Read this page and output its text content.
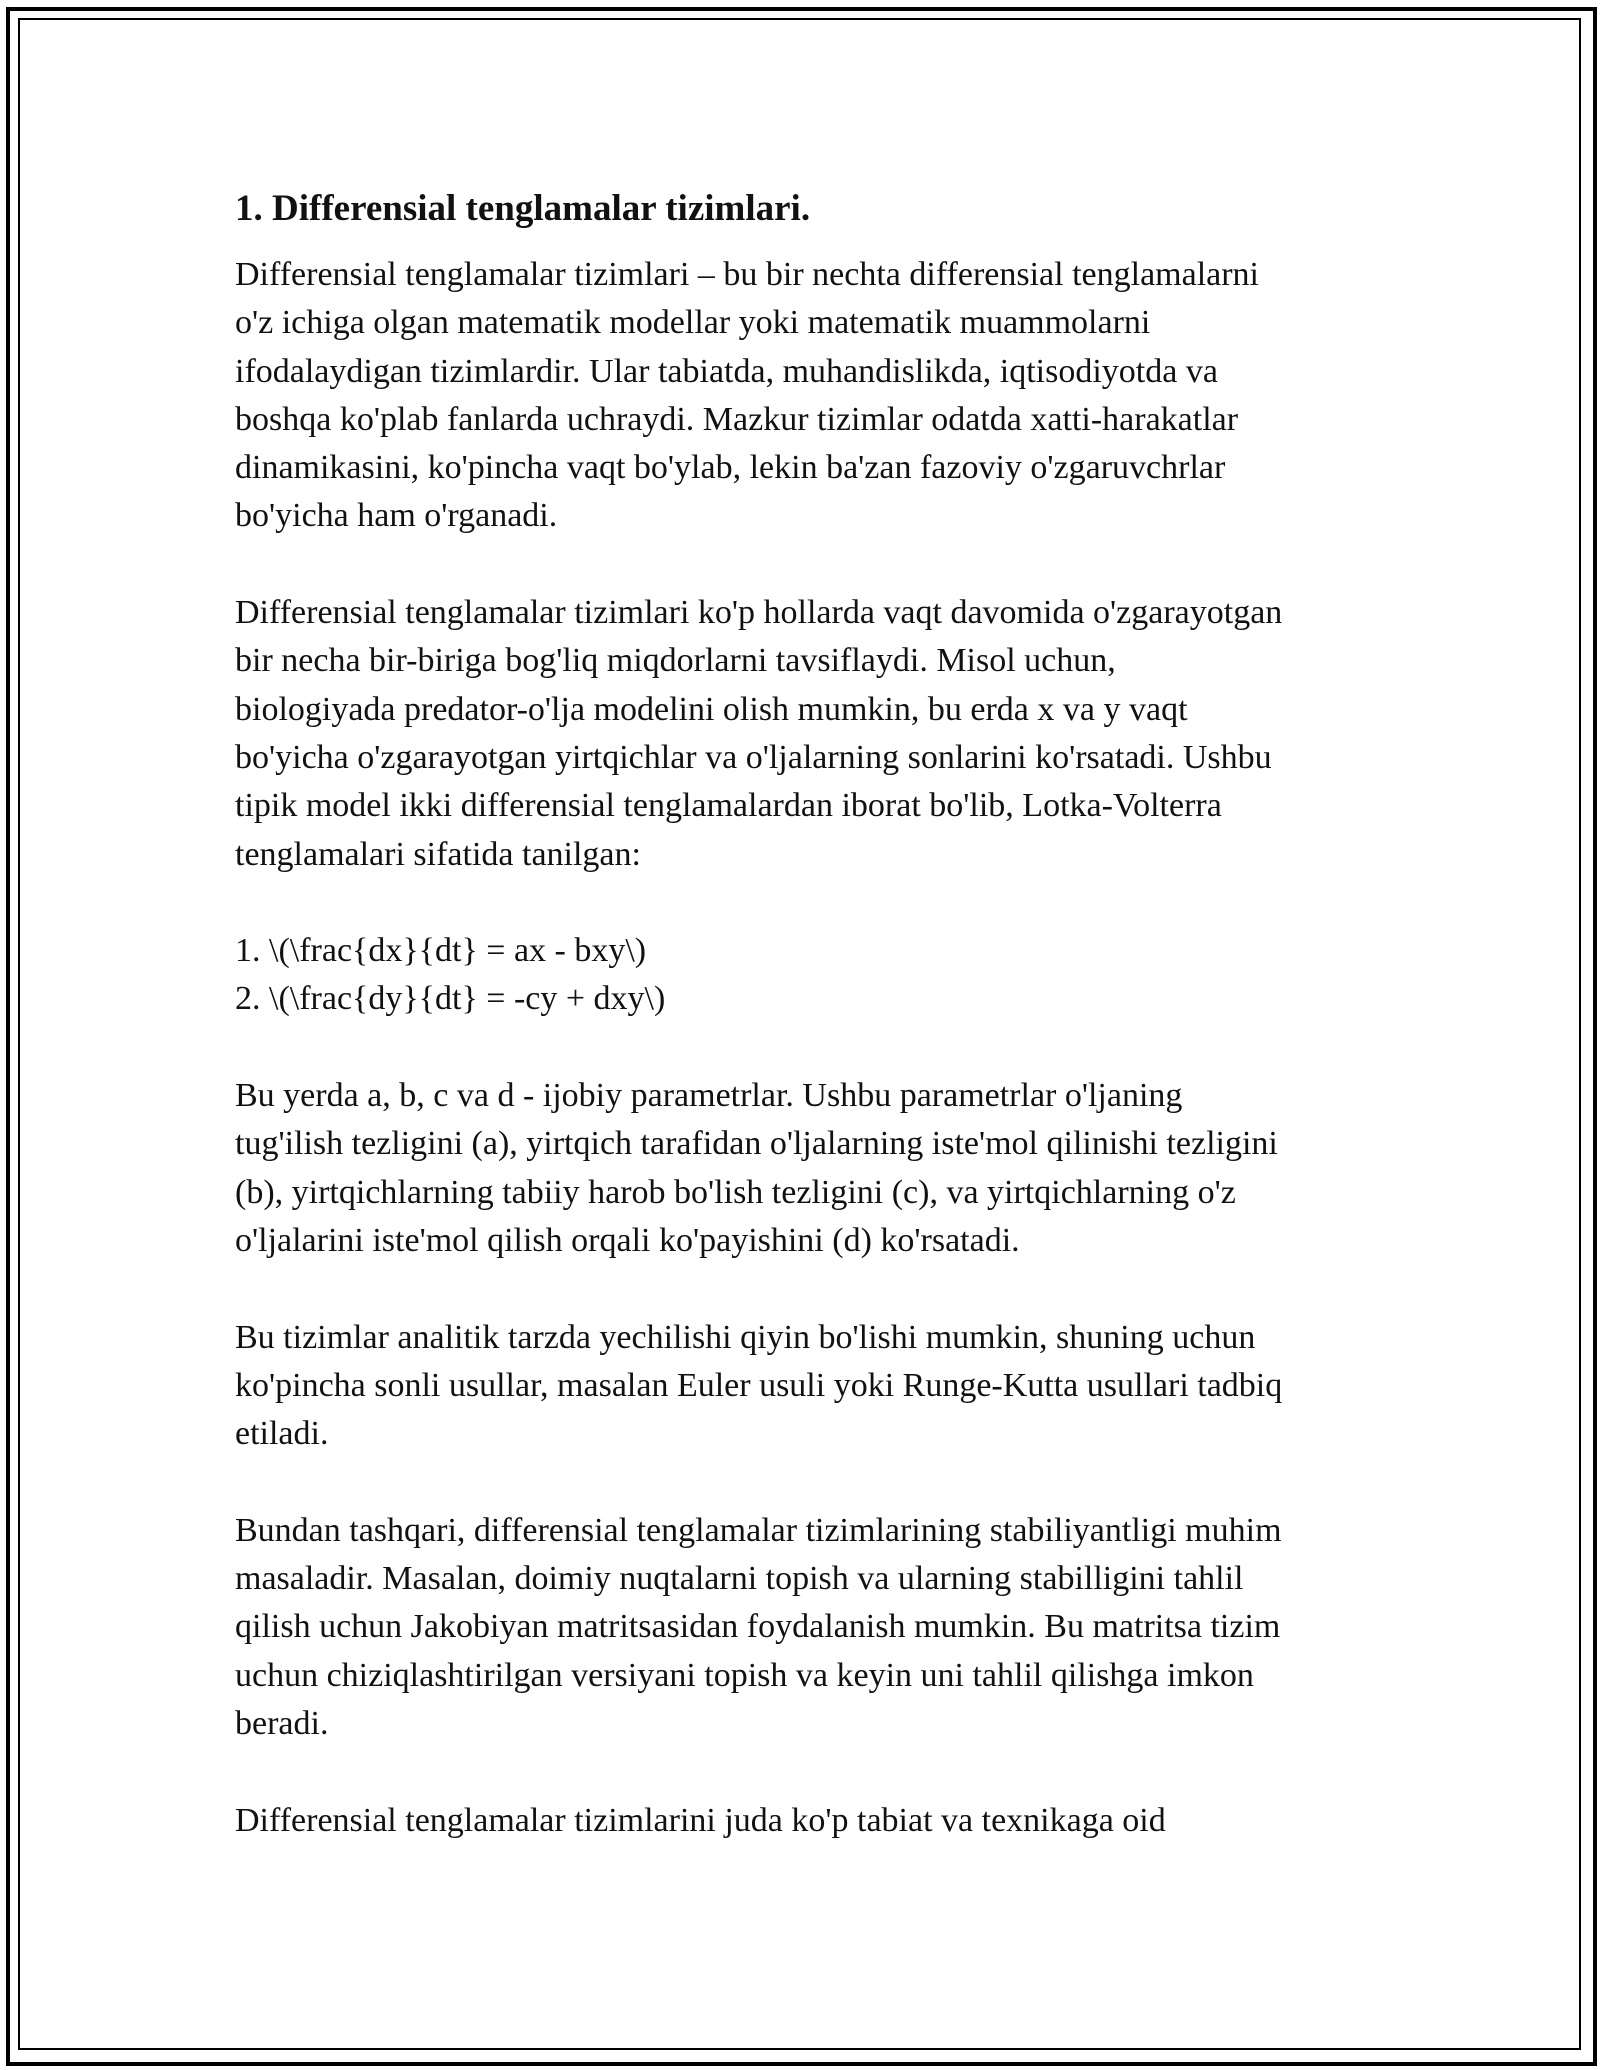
1. Differensial tenglamalar tizimlari.

Differensial tenglamalar tizimlari – bu bir nechta differensial tenglamalarni
o'z ichiga olgan matematik modellar yoki matematik muammolarni
ifodalaydigan tizimlardir. Ular tabiatda, muhandislikda, iqtisodiyotda va
boshqa ko'plab fanlarda uchraydi. Mazkur tizimlar odatda xatti-harakatlar
dinamikasini, ko'pincha vaqt bo'ylab, lekin ba'zan fazoviy o'zgaruvchrlar
bo'yicha ham o'rganadi.

Differensial tenglamalar tizimlari ko'p hollarda vaqt davomida o'zgarayotgan
bir necha bir-biriga bog'liq miqdorlarni tavsiflaydi. Misol uchun,
biologiyada predator-o'lja modelini olish mumkin, bu erda x va y vaqt
bo'yicha o'zgarayotgan yirtqichlar va o'ljalarning sonlarini ko'rsatadi. Ushbu
tipik model ikki differensial tenglamalardan iborat bo'lib, Lotka-Volterra
tenglamalari sifatida tanilgan:

1. \(\frac{dx}{dt} = ax - bxy\)
2. \(\frac{dy}{dt} = -cy + dxy\)

Bu yerda a, b, c va d - ijobiy parametrlar. Ushbu parametrlar o'ljaning
tug'ilish tezligini (a), yirtqich tarafidan o'ljalarning iste'mol qilinishi tezligini
(b), yirtqichlarning tabiiy harob bo'lish tezligini (c), va yirtqichlarning o'z
o'ljalarini iste'mol qilish orqali ko'payishini (d) ko'rsatadi.

Bu tizimlar analitik tarzda yechilishi qiyin bo'lishi mumkin, shuning uchun
ko'pincha sonli usullar, masalan Euler usuli yoki Runge-Kutta usullari tadbiq
etiladi.

Bundan tashqari, differensial tenglamalar tizimlarining stabiliyantligi muhim
masaladir. Masalan, doimiy nuqtalarni topish va ularning stabilligini tahlil
qilish uchun Jakobiyan matritsasidan foydalanish mumkin. Bu matritsa tizim
uchun chiziqlashtirilgan versiyani topish va keyin uni tahlil qilishga imkon
beradi.

Differensial tenglamalar tizimlarini juda ko'p tabiat va texnikaga oid
